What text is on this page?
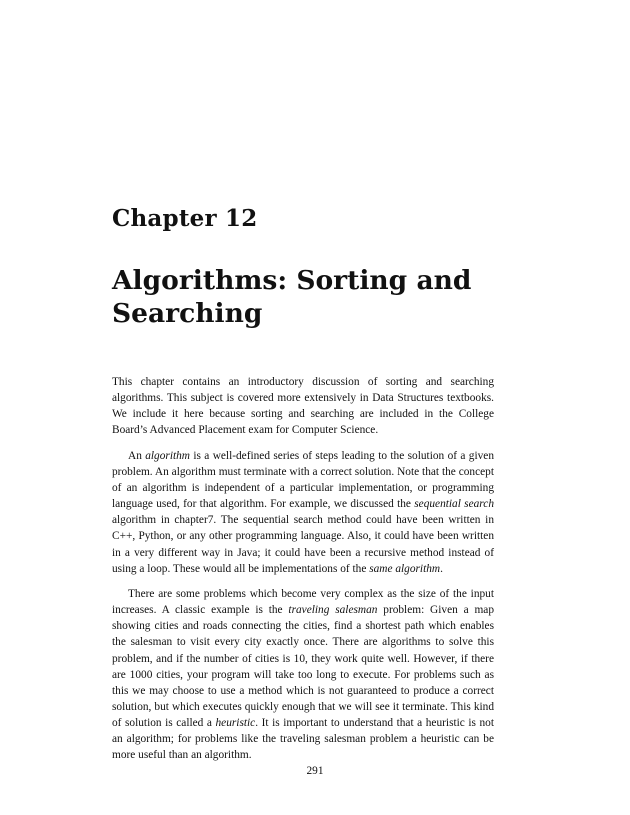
Chapter 12
Algorithms: Sorting and Searching

This chapter contains an introductory discussion of sorting and searching algorithms. This subject is covered more extensively in Data Structures textbooks. We include it here because sorting and searching are included in the College Board’s Advanced Placement exam for Computer Science.

An algorithm is a well-defined series of steps leading to the solution of a given problem. An algorithm must terminate with a correct solution. Note that the concept of an algorithm is independent of a particular implementation, or programming language used, for that algorithm. For example, we discussed the sequential search algorithm in chapter7. The sequential search method could have been written in C++, Python, or any other programming language. Also, it could have been written in a very different way in Java; it could have been a recursive method instead of using a loop. These would all be implementations of the same algorithm.

There are some problems which become very complex as the size of the input increases. A classic example is the traveling salesman problem: Given a map showing cities and roads connecting the cities, find a shortest path which enables the salesman to visit every city exactly once. There are algorithms to solve this problem, and if the number of cities is 10, they work quite well. However, if there are 1000 cities, your program will take too long to execute. For problems such as this we may choose to use a method which is not guaranteed to produce a correct solution, but which executes quickly enough that we will see it terminate. This kind of solution is called a heuristic. It is important to understand that a heuristic is not an algorithm; for problems like the traveling salesman problem a heuristic can be more useful than an algorithm.

291
